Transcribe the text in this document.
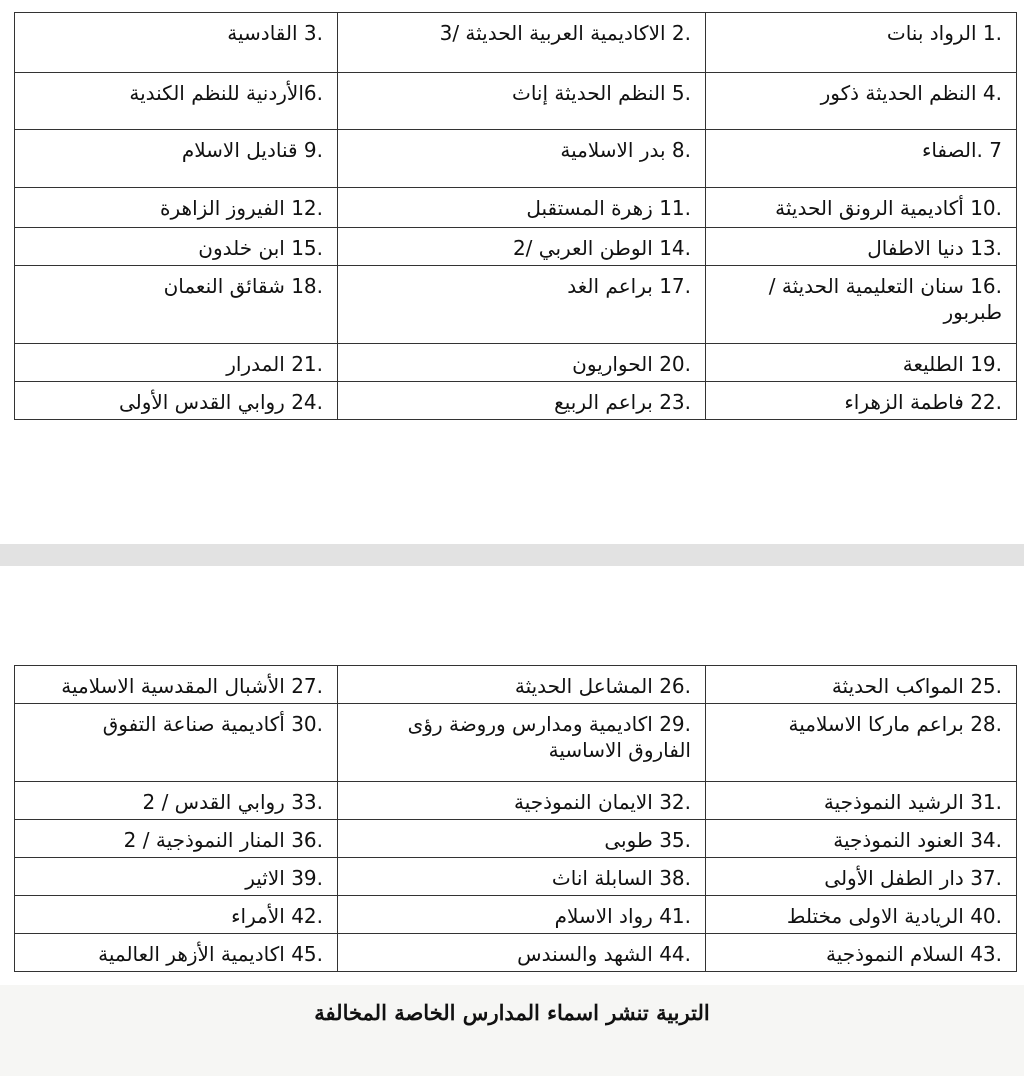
.1 الرواد بنات	.2 الاكاديمية العربية الحديثة /3	.3 القادسية
.4 النظم الحديثة ذكور	.5 النظم الحديثة إناث	.6الأردنية للنظم الكندية
7 .الصفاء	.8 بدر الاسلامية	.9 قناديل الاسلام
.10 أكاديمية الرونق الحديثة	.11 زهرة المستقبل	.12 الفيروز الزاهرة
.13 دنيا الاطفال	.14 الوطن العربي /2	.15 ابن خلدون
.16 سنان التعليمية الحديثة / طبربور	.17 براعم الغد	.18 شقائق النعمان
.19 الطليعة	.20 الحواريون	.21 المدرار
.22 فاطمة الزهراء	.23 براعم الربيع	.24 روابي القدس الأولى
.25 المواكب الحديثة	.26 المشاعل الحديثة	.27 الأشبال المقدسية الاسلامية
.28 براعم ماركا الاسلامية	.29 اكاديمية ومدارس وروضة رؤى الفاروق الاساسية	.30 أكاديمية صناعة التفوق
.31 الرشيد النموذجية	.32 الايمان النموذجية	.33 روابي القدس / 2
.34 العنود النموذجية	.35 طوبى	.36 المنار النموذجية / 2
.37 دار الطفل الأولى	.38 السابلة اناث	.39 الاثير
.40 الريادية الاولى مختلط	.41 رواد الاسلام	.42 الأمراء
.43 السلام النموذجية	.44 الشهد والسندس	.45 اكاديمية الأزهر العالمية
التربية تنشر اسماء المدارس الخاصة المخالفة
